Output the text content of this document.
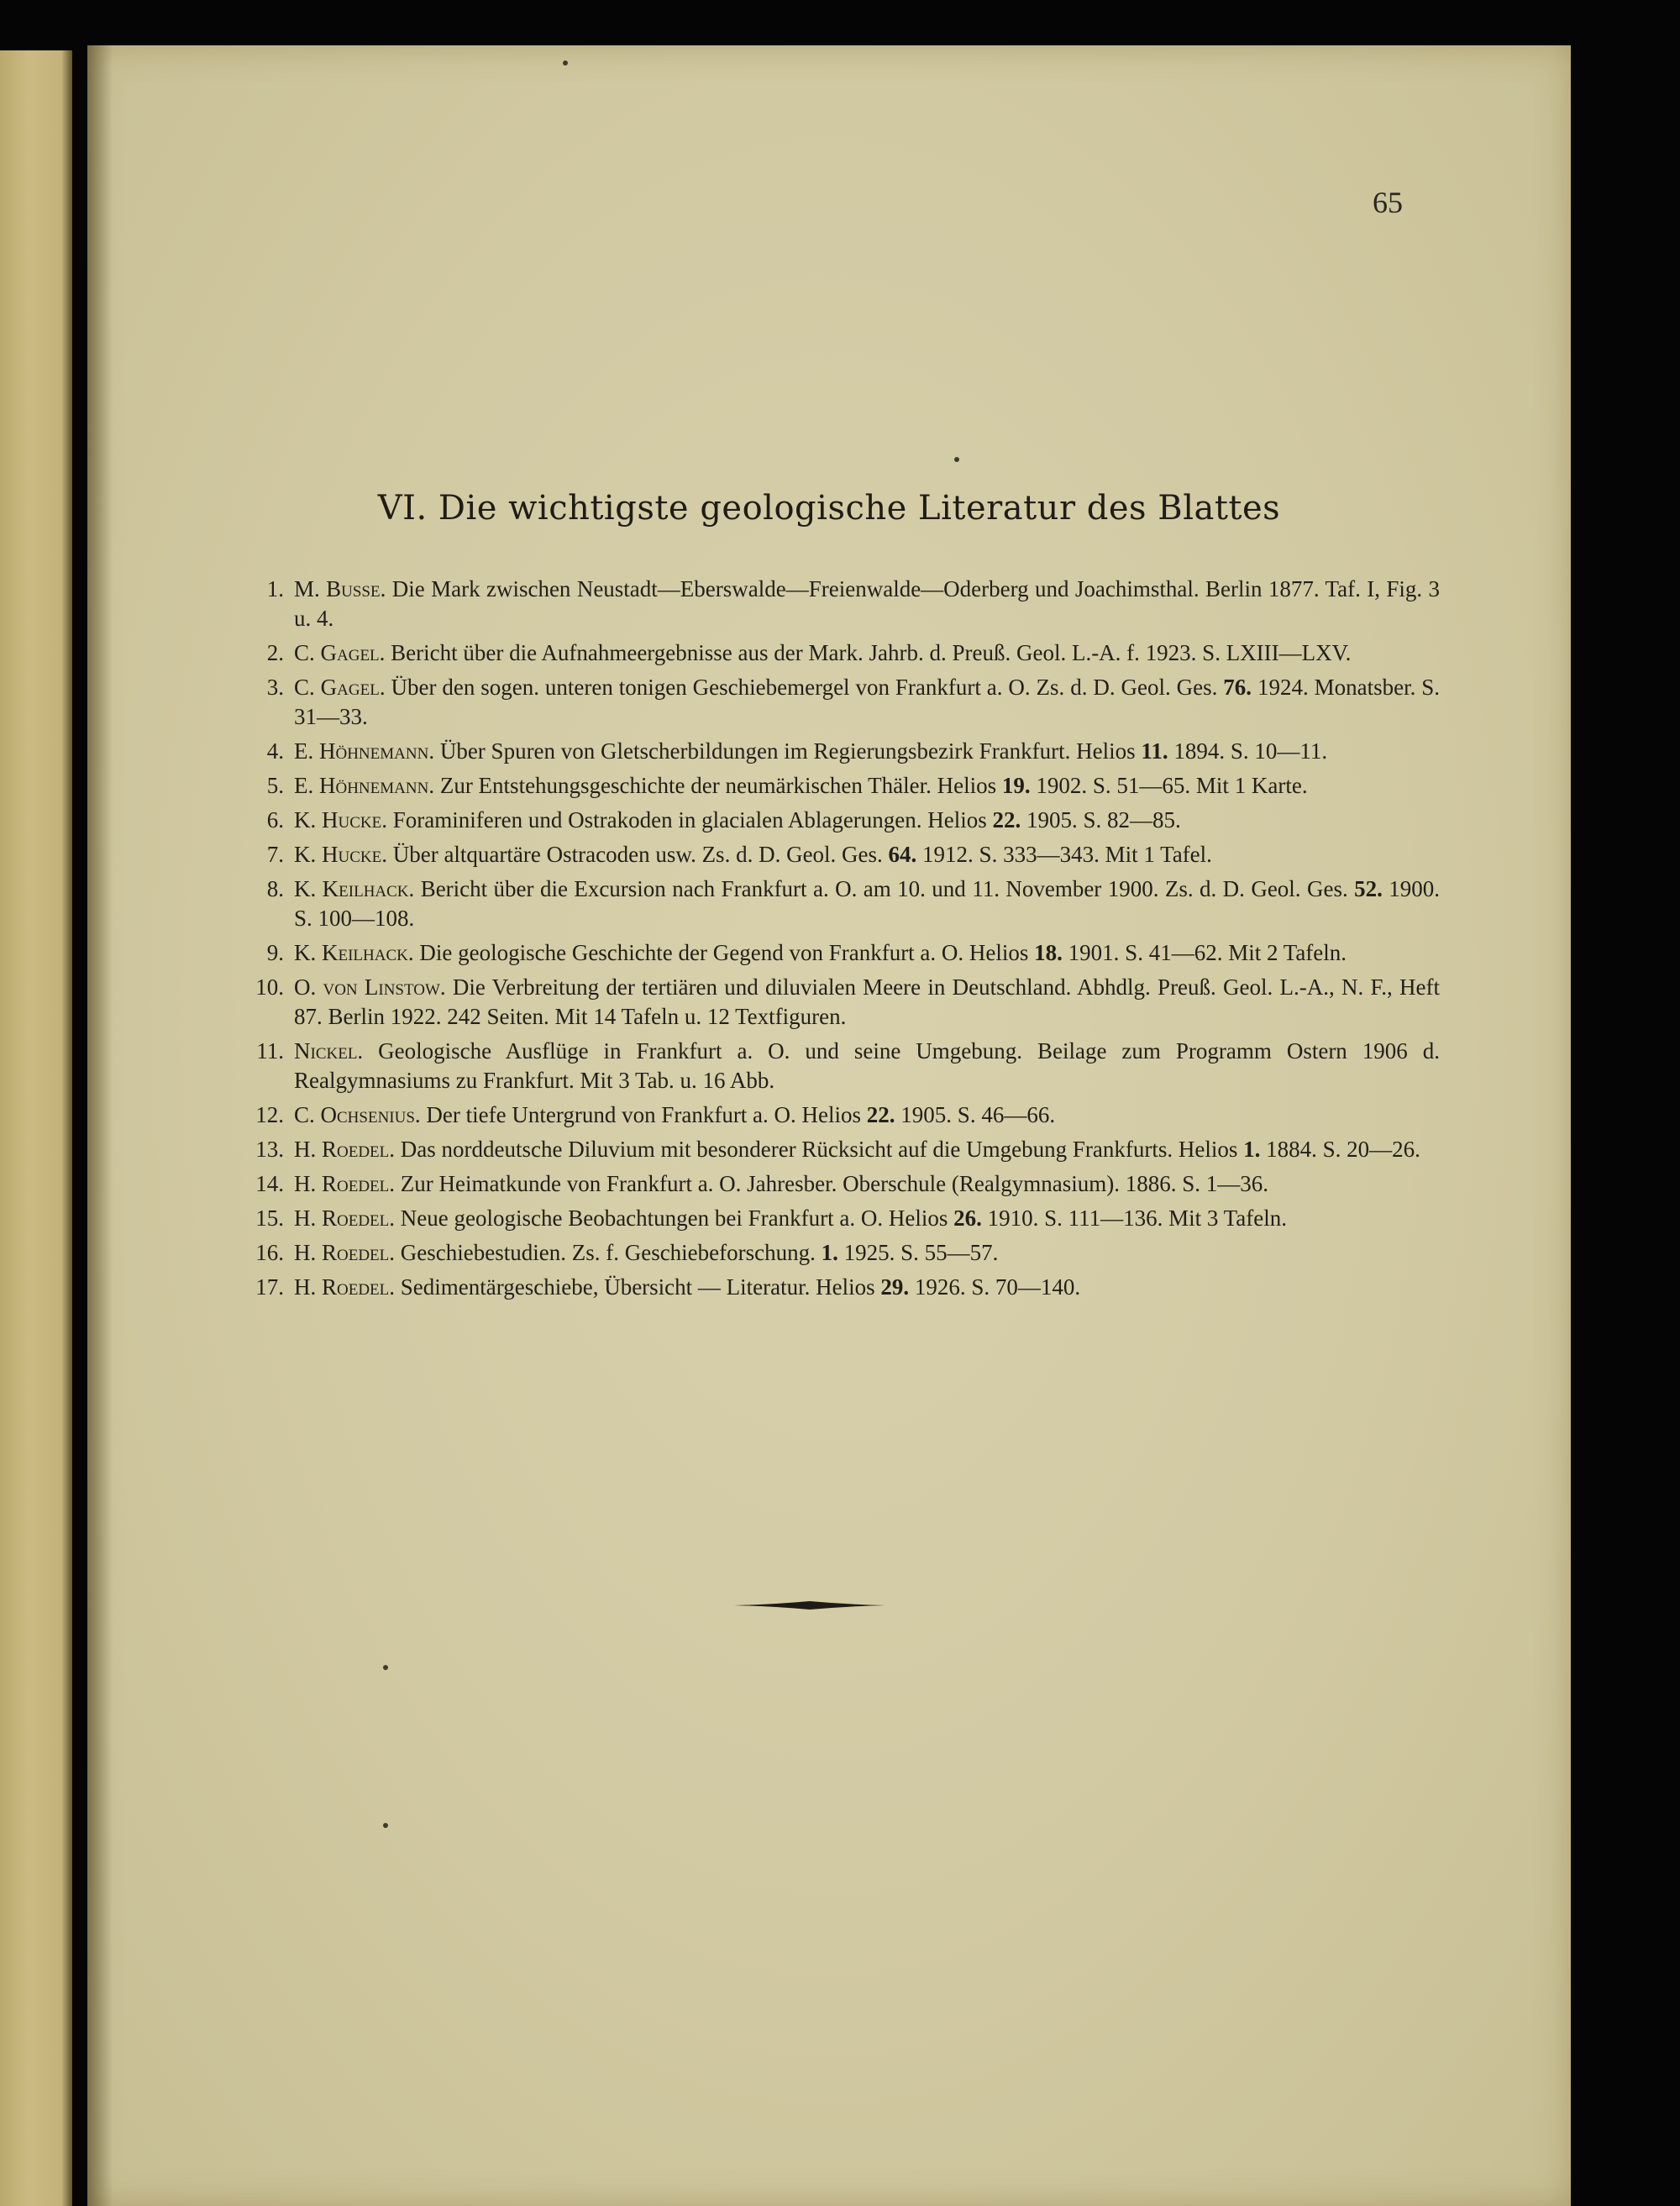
65
VI. Die wichtigste geologische Literatur des Blattes
1. M. Busse. Die Mark zwischen Neustadt—Eberswalde—Freienwalde—Oderberg und Joachimsthal. Berlin 1877. Taf. I, Fig. 3 u. 4.
2. C. Gagel. Bericht über die Aufnahmeergebnisse aus der Mark. Jahrb. d. Preuß. Geol. L.-A. f. 1923. S. LXIII—LXV.
3. C. Gagel. Über den sogen. unteren tonigen Geschiebemergel von Frankfurt a. O. Zs. d. D. Geol. Ges. 76. 1924. Monatsber. S. 31—33.
4. E. Höhnemann. Über Spuren von Gletscherbildungen im Regierungsbezirk Frankfurt. Helios 11. 1894. S. 10—11.
5. E. Höhnemann. Zur Entstehungsgeschichte der neumärkischen Thäler. Helios 19. 1902. S. 51—65. Mit 1 Karte.
6. K. Hucke. Foraminiferen und Ostrakoden in glacialen Ablagerungen. Helios 22. 1905. S. 82—85.
7. K. Hucke. Über altquartäre Ostracoden usw. Zs. d. D. Geol. Ges. 64. 1912. S. 333—343. Mit 1 Tafel.
8. K. Keilhack. Bericht über die Excursion nach Frankfurt a. O. am 10. und 11. November 1900. Zs. d. D. Geol. Ges. 52. 1900. S. 100—108.
9. K. Keilhack. Die geologische Geschichte der Gegend von Frankfurt a. O. Helios 18. 1901. S. 41—62. Mit 2 Tafeln.
10. O. von Linstow. Die Verbreitung der tertiären und diluvialen Meere in Deutschland. Abhdlg. Preuß. Geol. L.-A., N. F., Heft 87. Berlin 1922. 242 Seiten. Mit 14 Tafeln u. 12 Textfiguren.
11. Nickel. Geologische Ausflüge in Frankfurt a. O. und seine Umgebung. Beilage zum Programm Ostern 1906 d. Realgymnasiums zu Frankfurt. Mit 3 Tab. u. 16 Abb.
12. C. Ochsenius. Der tiefe Untergrund von Frankfurt a. O. Helios 22. 1905. S. 46—66.
13. H. Roedel. Das norddeutsche Diluvium mit besonderer Rücksicht auf die Umgebung Frankfurts. Helios 1. 1884. S. 20—26.
14. H. Roedel. Zur Heimatkunde von Frankfurt a. O. Jahresber. Oberschule (Realgymnasium). 1886. S. 1—36.
15. H. Roedel. Neue geologische Beobachtungen bei Frankfurt a. O. Helios 26. 1910. S. 111—136. Mit 3 Tafeln.
16. H. Roedel. Geschiebestudien. Zs. f. Geschiebeforschung. 1. 1925. S. 55—57.
17. H. Roedel. Sedimentärgeschiebe, Übersicht — Literatur. Helios 29. 1926. S. 70—140.
